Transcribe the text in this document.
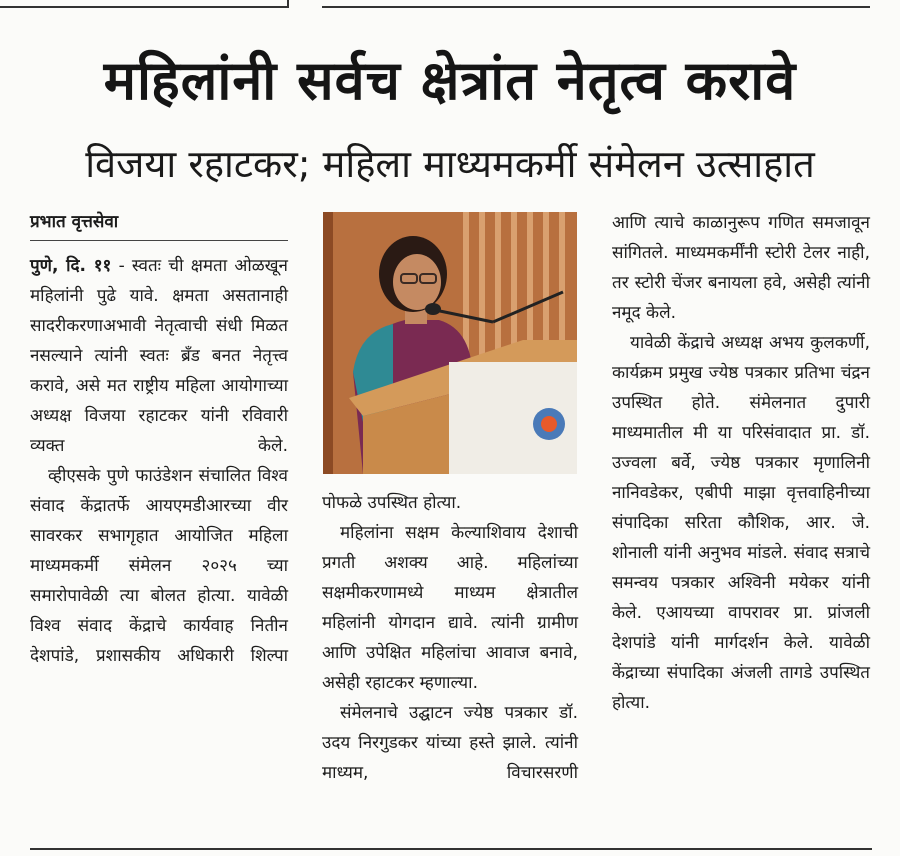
महिलांनी सर्वच क्षेत्रांत नेतृत्व करावे
विजया रहाटकर; महिला माध्यमकर्मी संमेलन उत्साहात
प्रभात वृत्तसेवा

पुणे, दि. ११ - स्वतः ची क्षमता ओळखून महिलांनी पुढे यावे. क्षमता असतानाही सादरीकरणाअभावी नेतृत्वाची संधी मिळत नसल्याने त्यांनी स्वतः ब्रँड बनत नेतृत्त्व करावे, असे मत राष्ट्रीय महिला आयोगाच्या अध्यक्ष विजया रहाटकर यांनी रविवारी व्यक्त केले.

व्हीएसके पुणे फाउंडेशन संचालित विश्व संवाद केंद्रातर्फे आयएमडीआरच्या वीर सावरकर सभागृहात आयोजित महिला माध्यमकर्मी संमेलन २०२५ च्या समारोपावेळी त्या बोलत होत्या. यावेळी विश्व संवाद केंद्राचे कार्यवाह नितीन देशपांडे, प्रशासकीय अधिकारी शिल्पा

पोफळे उपस्थित होत्या.

महिलांना सक्षम केल्याशिवाय देशाची प्रगती अशक्य आहे. महिलांच्या सक्षमीकरणामध्ये माध्यम क्षेत्रातील महिलांनी योगदान द्यावे. त्यांनी ग्रामीण आणि उपेक्षित महिलांचा आवाज बनावे, असेही रहाटकर म्हणाल्या.

संमेलनाचे उद्घाटन ज्येष्ठ पत्रकार डॉ. उदय निरगुडकर यांच्या हस्ते झाले. त्यांनी माध्यम, विचारसरणी

आणि त्याचे काळानुरूप गणित समजावून सांगितले. माध्यमकर्मींनी स्टोरी टेलर नाही, तर स्टोरी चेंजर बनायला हवे, असेही त्यांनी नमूद केले.

यावेळी केंद्राचे अध्यक्ष अभय कुलकर्णी, कार्यक्रम प्रमुख ज्येष्ठ पत्रकार प्रतिभा चंद्रन उपस्थित होते. संमेलनात दुपारी माध्यमातील मी या परिसंवादात प्रा. डॉ. उज्वला बर्वे, ज्येष्ठ पत्रकार मृणालिनी नानिवडेकर, एबीपी माझा वृत्तवाहिनीच्या संपादिका सरिता कौशिक, आर. जे. शोनाली यांनी अनुभव मांडले. संवाद सत्राचे समन्वय पत्रकार अश्विनी मयेकर यांनी केले. एआयच्या वापरावर प्रा. प्रांजली देशपांडे यांनी मार्गदर्शन केले. यावेळी केंद्राच्या संपादिका अंजली तागडे उपस्थित होत्या.
